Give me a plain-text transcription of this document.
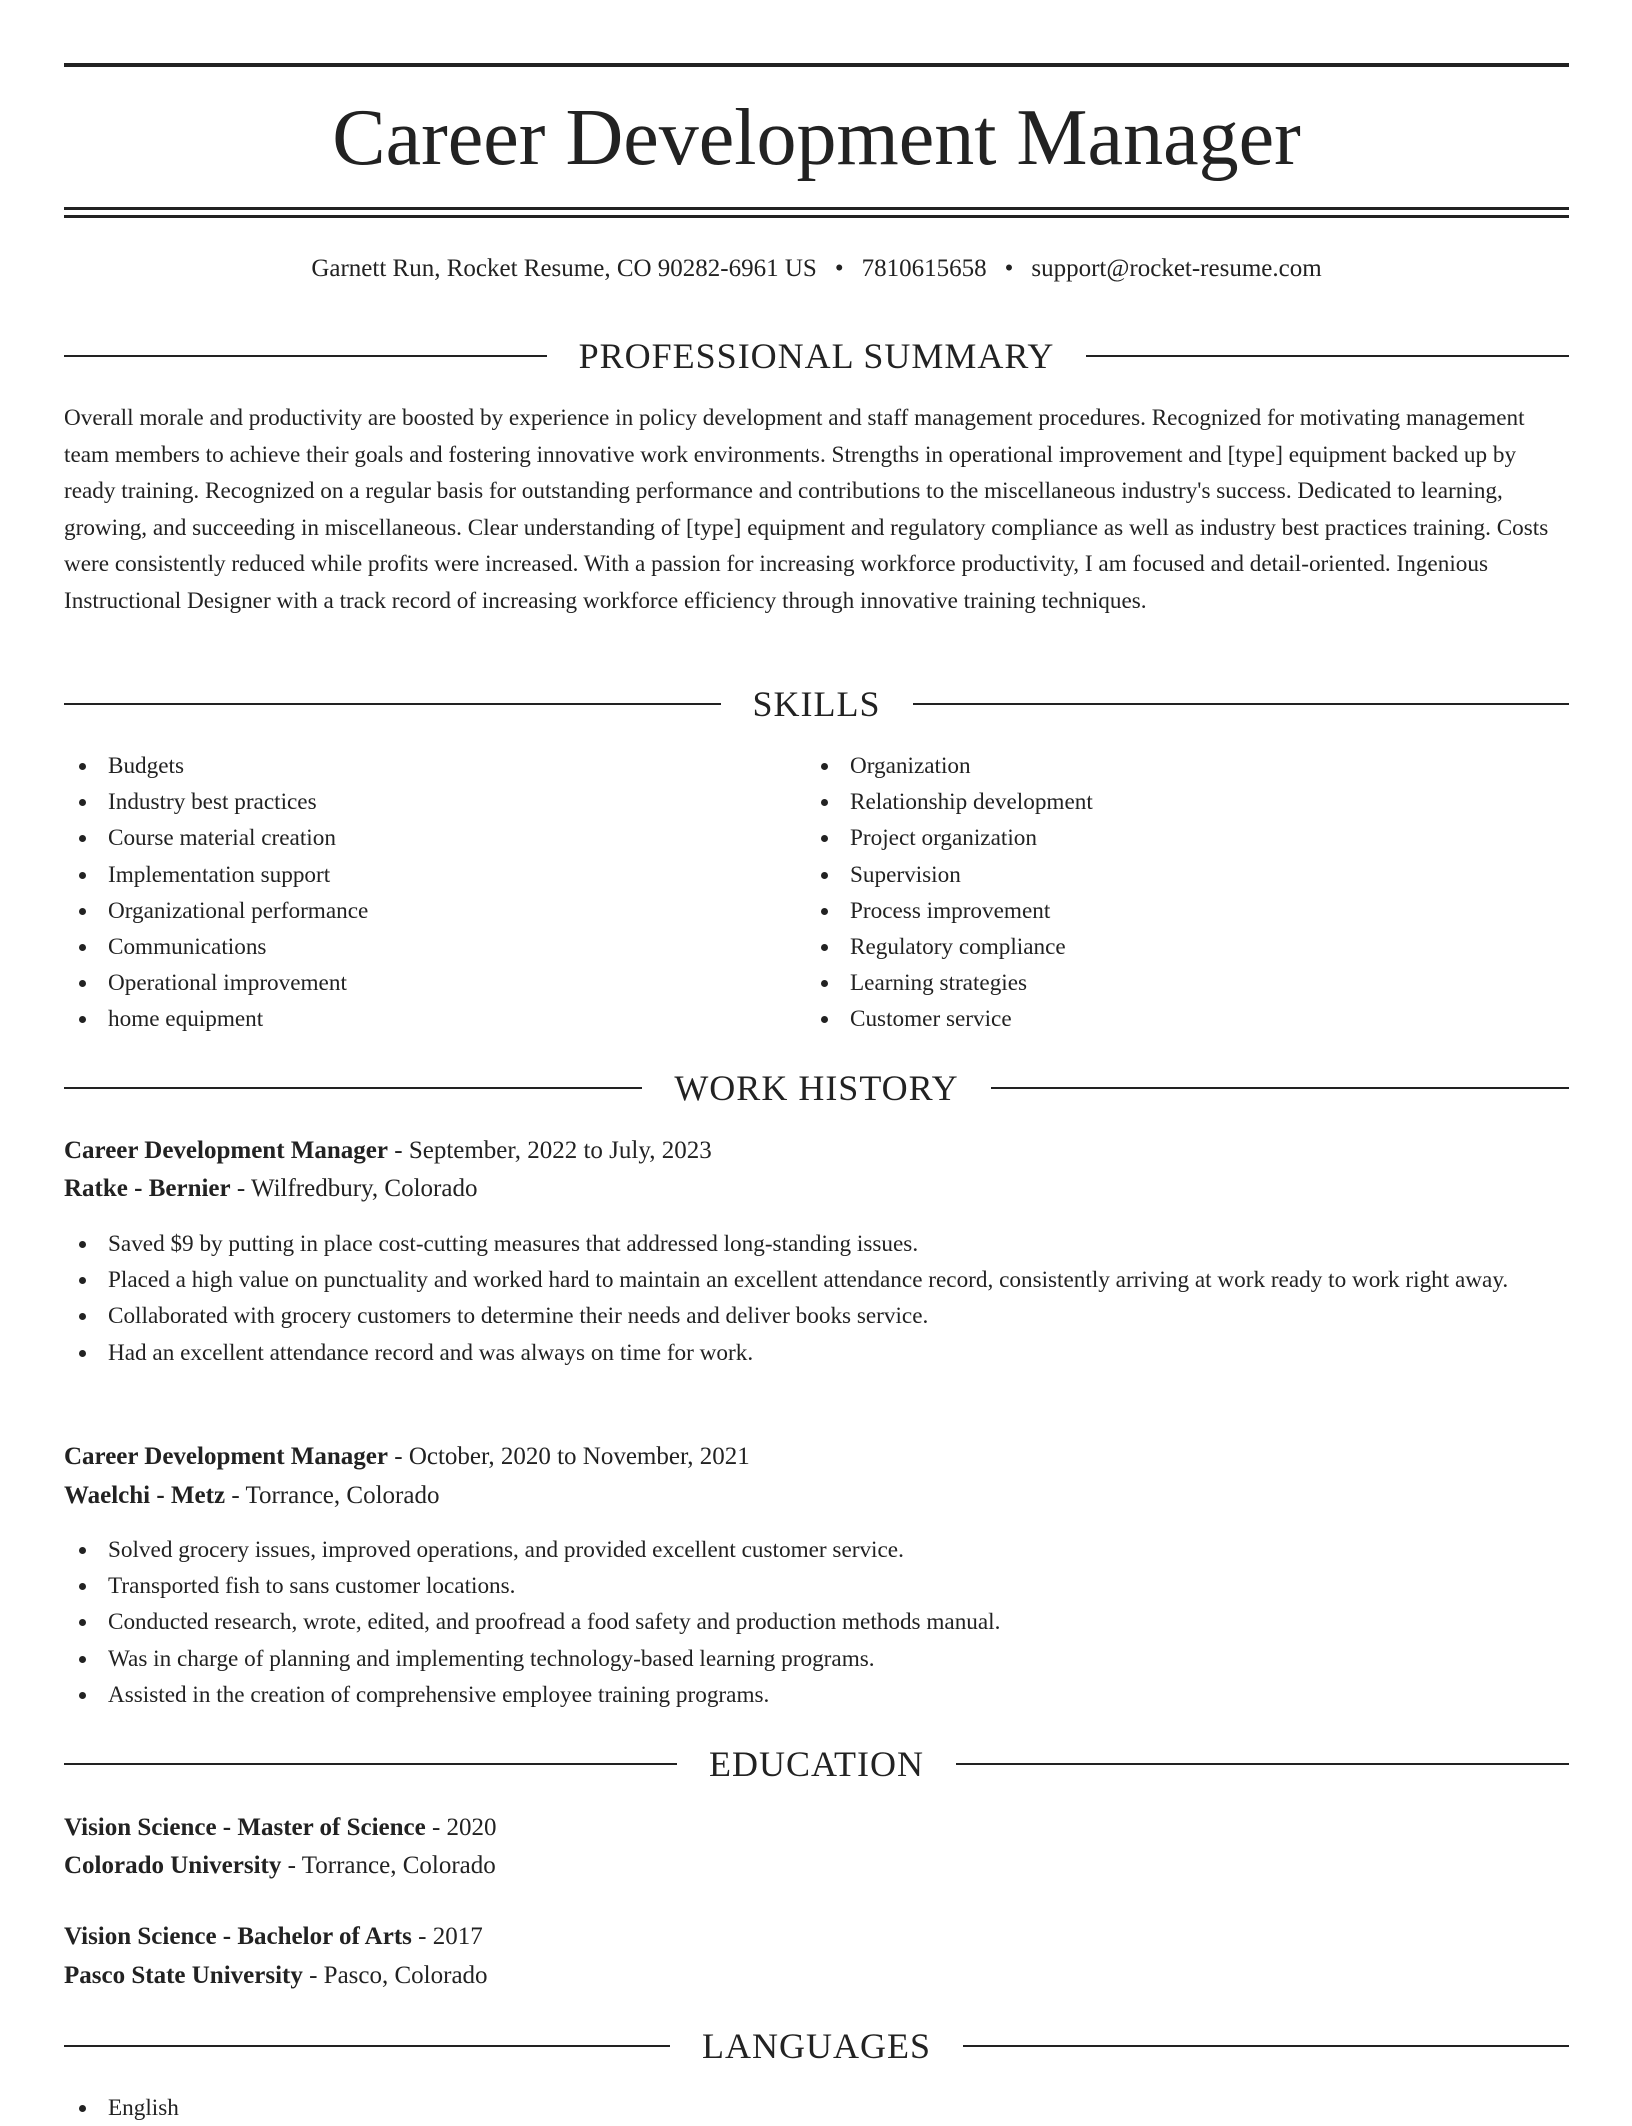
Career Development Manager
Garnett Run, Rocket Resume, CO 90282-6961 US • 7810615658 • support@rocket-resume.com
PROFESSIONAL SUMMARY

Overall morale and productivity are boosted by experience in policy development and staff management procedures. Recognized for motivating management team members to achieve their goals and fostering innovative work environments. Strengths in operational improvement and [type] equipment backed up by ready training. Recognized on a regular basis for outstanding performance and contributions to the miscellaneous industry's success. Dedicated to learning, growing, and succeeding in miscellaneous. Clear understanding of [type] equipment and regulatory compliance as well as industry best practices training. Costs were consistently reduced while profits were increased. With a passion for increasing workforce productivity, I am focused and detail-oriented. Ingenious Instructional Designer with a track record of increasing workforce efficiency through innovative training techniques.

SKILLS
Budgets
Industry best practices
Course material creation
Implementation support
Organizational performance
Communications
Operational improvement
home equipment
Organization
Relationship development
Project organization
Supervision
Process improvement
Regulatory compliance
Learning strategies
Customer service
WORK HISTORY
Career Development Manager - September, 2022 to July, 2023
Ratke - Bernier - Wilfredbury, Colorado
Saved $9 by putting in place cost-cutting measures that addressed long-standing issues.
Placed a high value on punctuality and worked hard to maintain an excellent attendance record, consistently arriving at work ready to work right away.
Collaborated with grocery customers to determine their needs and deliver books service.
Had an excellent attendance record and was always on time for work.
Career Development Manager - October, 2020 to November, 2021
Waelchi - Metz - Torrance, Colorado
Solved grocery issues, improved operations, and provided excellent customer service.
Transported fish to sans customer locations.
Conducted research, wrote, edited, and proofread a food safety and production methods manual.
Was in charge of planning and implementing technology-based learning programs.
Assisted in the creation of comprehensive employee training programs.
EDUCATION
Vision Science - Master of Science - 2020
Colorado University - Torrance, Colorado
Vision Science - Bachelor of Arts - 2017
Pasco State University - Pasco, Colorado
LANGUAGES
English
